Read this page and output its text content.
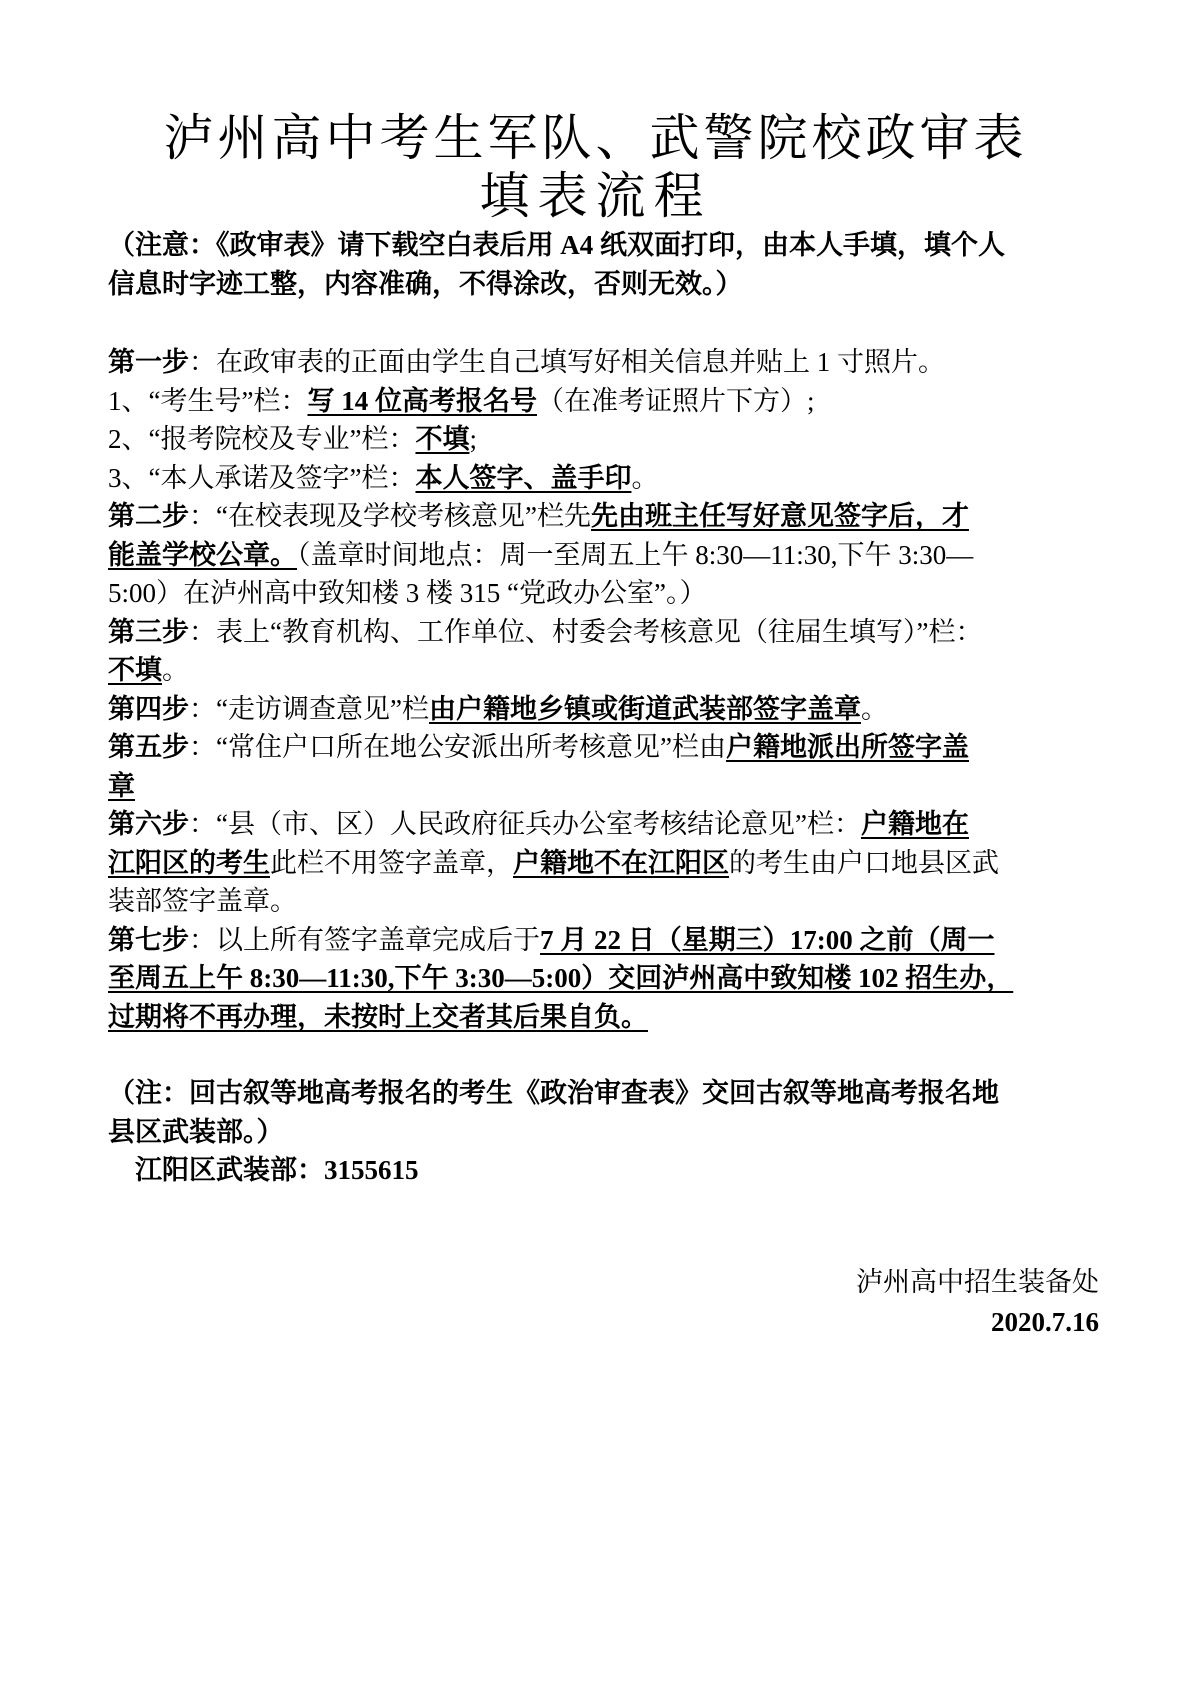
泸州高中考生军队、武警院校政审表
填表流程
（注意：《政审表》请下载空白表后用 A4 纸双面打印，由本人手填，填个人
信息时字迹工整，内容准确，不得涂改，否则无效。）
第一步：在政审表的正面由学生自己填写好相关信息并贴上 1 寸照片。
1、“考生号”栏：写 14 位高考报名号（在准考证照片下方）;
2、“报考院校及专业”栏：不填;
3、“本人承诺及签字”栏：本人签字、盖手印。
第二步：“在校表现及学校考核意见”栏先先由班主任写好意见签字后，才
能盖学校公章。（盖章时间地点：周一至周五上午 8:30—11:30,下午 3:30—
5:00）在泸州高中致知楼 3 楼 315 “党政办公室”。）
第三步：表上“教育机构、工作单位、村委会考核意见（往届生填写）”栏：
不填。
第四步：“走访调查意见”栏由户籍地乡镇或街道武装部签字盖章。
第五步：“常住户口所在地公安派出所考核意见”栏由户籍地派出所签字盖
章
第六步：“县（市、区）人民政府征兵办公室考核结论意见”栏：户籍地在
江阳区的考生此栏不用签字盖章，户籍地不在江阳区的考生由户口地县区武
装部签字盖章。
第七步：以上所有签字盖章完成后于7 月 22 日（星期三）17:00 之前（周一
至周五上午 8:30—11:30,下午 3:30—5:00）交回泸州高中致知楼 102 招生办，
过期将不再办理，未按时上交者其后果自负。
（注：回古叙等地高考报名的考生《政治审查表》交回古叙等地高考报名地
县区武装部。）
江阳区武装部：3155615
泸州高中招生装备处
2020.7.16
